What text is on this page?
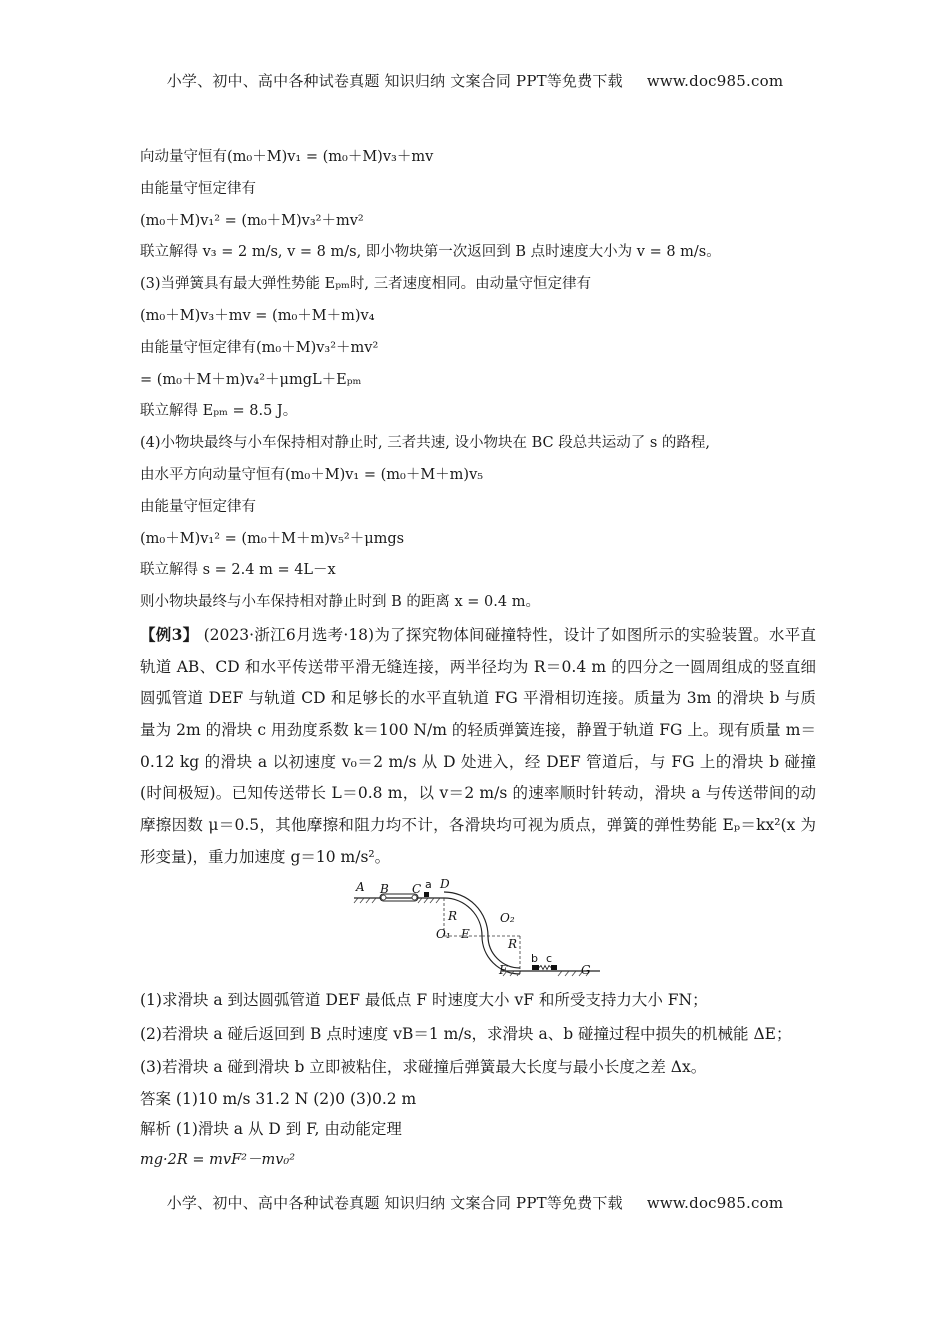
小学、初中、高中各种试卷真题 知识归纳 文案合同 PPT等免费下载 www.doc985.com
向动量守恒有(m₀＋M)v₁ = (m₀＋M)v₃＋mv
由能量守恒定律有
(m₀＋M)v₁² = (m₀＋M)v₃²＋mv²
联立解得 v₃ = 2 m/s, v = 8 m/s, 即小物块第一次返回到 B 点时速度大小为 v = 8 m/s。
(3)当弹簧具有最大弹性势能 Eₚₘ时, 三者速度相同。由动量守恒定律有
(m₀＋M)v₃＋mv = (m₀＋M＋m)v₄
由能量守恒定律有(m₀＋M)v₃²＋mv²
= (m₀＋M＋m)v₄²＋μmgL＋Eₚₘ
联立解得 Eₚₘ = 8.5 J。
(4)小物块最终与小车保持相对静止时, 三者共速, 设小物块在 BC 段总共运动了 s 的路程,
由水平方向动量守恒有(m₀＋M)v₁ = (m₀＋M＋m)v₅
由能量守恒定律有
(m₀＋M)v₁² = (m₀＋M＋m)v₅²＋μmgs
联立解得 s = 2.4 m = 4L－x
则小物块最终与小车保持相对静止时到 B 的距离 x = 0.4 m。
【例3】 (2023·浙江6月选考·18)为了探究物体间碰撞特性，设计了如图所示的实验装置。水平直轨道 AB、CD 和水平传送带平滑无缝连接，两半径均为 R＝0.4 m 的四分之一圆周组成的竖直细圆弧管道 DEF 与轨道 CD 和足够长的水平直轨道 FG 平滑相切连接。质量为 3m 的滑块 b 与质量为 2m 的滑块 c 用劲度系数 k＝100 N/m 的轻质弹簧连接，静置于轨道 FG 上。现有质量 m＝0.12 kg 的滑块 a 以初速度 v₀＝2 m/s 从 D 处进入，经 DEF 管道后，与 FG 上的滑块 b 碰撞(时间极短)。已知传送带长 L＝0.8 m，以 v＝2 m/s 的速率顺时针转动，滑块 a 与传送带间的动摩擦因数 μ＝0.5，其他摩擦和阻力均不计，各滑块均可视为质点，弹簧的弹性势能 Eₚ＝kx²(x 为形变量)，重力加速度 g＝10 m/s²。
A B C D
R
O₁ E
O₂
R
F	G
a
b c
(1)求滑块 a 到达圆弧管道 DEF 最低点 F 时速度大小 vF 和所受支持力大小 FN；
(2)若滑块 a 碰后返回到 B 点时速度 vB＝1 m/s，求滑块 a、b 碰撞过程中损失的机械能 ΔE；
(3)若滑块 a 碰到滑块 b 立即被粘住，求碰撞后弹簧最大长度与最小长度之差 Δx。
答案 (1)10 m/s 31.2 N (2)0 (3)0.2 m
解析 (1)滑块 a 从 D 到 F, 由动能定理
mg·2R = mvF²－mv₀²
小学、初中、高中各种试卷真题 知识归纳 文案合同 PPT等免费下载 www.doc985.com
